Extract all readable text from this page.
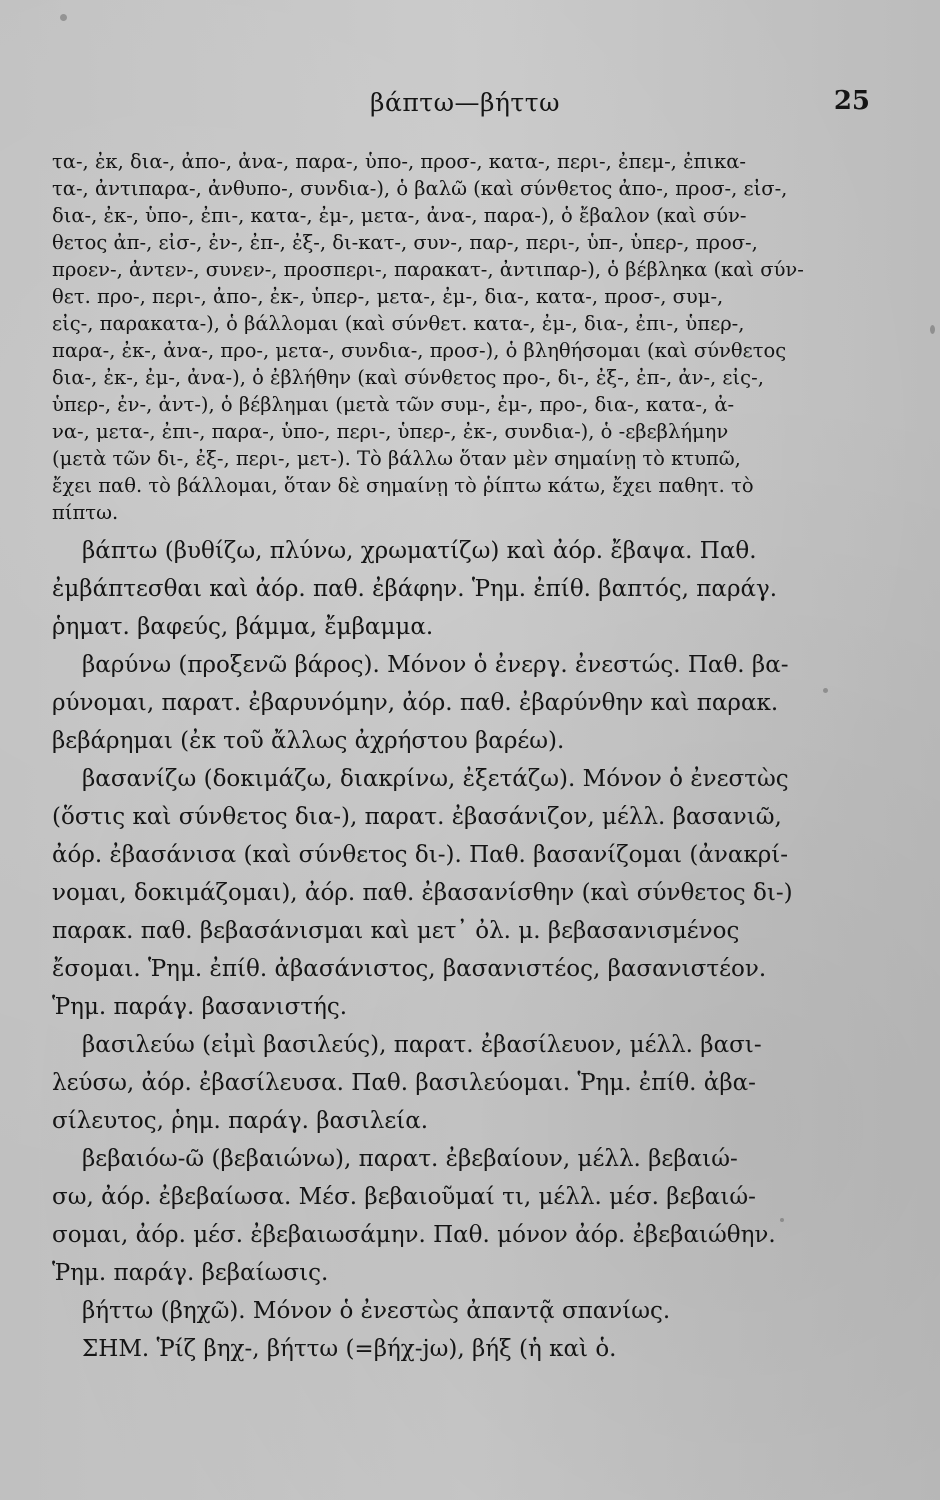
βάπτω—βήττω	25
τα-, ἐκ, δια-, ἀπο-, ἀνα-, παρα-, ὑπο-, προσ-, κατα-, περι-, ἐπεμ-, ἐπικα-
τα-, ἀντιπαρα-, ἀνθυπο-, συνδια-), ὁ βαλῶ (καὶ σύνθετος ἀπο-, προσ-, εἰσ-,
δια-, ἐκ-, ὑπο-, ἐπι-, κατα-, ἐμ-, μετα-, ἀνα-, παρα-), ὁ ἔβαλον (καὶ σύν-
θετος ἀπ-, εἰσ-, ἐν-, ἐπ-, ἐξ-, δι-κατ-, συν-, παρ-, περι-, ὑπ-, ὑπερ-, προσ-,
προεν-, ἀντεν-, συνεν-, προσπερι-, παρακατ-, ἀντιπαρ-), ὁ βέβληκα (καὶ σύν-
θετ. προ-, περι-, ἀπο-, ἐκ-, ὑπερ-, μετα-, ἐμ-, δια-, κατα-, προσ-, συμ-,
εἰς-, παρακατα-), ὁ βάλλομαι (καὶ σύνθετ. κατα-, ἐμ-, δια-, ἐπι-, ὑπερ-,
παρα-, ἐκ-, ἀνα-, προ-, μετα-, συνδια-, προσ-), ὁ βληθήσομαι (καὶ σύνθετος
δια-, ἐκ-, ἐμ-, ἀνα-), ὁ ἐβλήθην (καὶ σύνθετος προ-, δι-, ἐξ-, ἐπ-, ἀν-, εἰς-,
ὑπερ-, ἐν-, ἀντ-), ὁ βέβλημαι (μετὰ τῶν συμ-, ἐμ-, προ-, δια-, κατα-, ἀ-
να-, μετα-, ἐπι-, παρα-, ὑπο-, περι-, ὑπερ-, ἐκ-, συνδια-), ὁ -εβεβλήμην
(μετὰ τῶν δι-, ἐξ-, περι-, μετ-). Τὸ βάλλω ὅταν μὲν σημαίνῃ τὸ κτυπῶ,
ἔχει παθ. τὸ βάλλομαι, ὅταν δὲ σημαίνῃ τὸ ῥίπτω κάτω, ἔχει παθητ. τὸ
πίπτω.
βάπτω (βυθίζω, πλύνω, χρωματίζω) καὶ ἀόρ. ἔβαψα. Παθ.
ἐμβάπτεσθαι καὶ ἀόρ. παθ. ἐβάφην. Ῥημ. ἐπίθ. βαπτός, παράγ.
ῥηματ. βαφεύς, βάμμα, ἔμβαμμα.
βαρύνω (προξενῶ βάρος). Μόνον ὁ ἐνεργ. ἐνεστώς. Παθ. βα-
ρύνομαι, παρατ. ἐβαρυνόμην, ἀόρ. παθ. ἐβαρύνθην καὶ παρακ.
βεβάρημαι (ἐκ τοῦ ἄλλως ἀχρήστου βαρέω).
βασανίζω (δοκιμάζω, διακρίνω, ἐξετάζω). Μόνον ὁ ἐνεστὼς
(ὅστις καὶ σύνθετος δια-), παρατ. ἐβασάνιζον, μέλλ. βασανιῶ,
ἀόρ. ἐβασάνισα (καὶ σύνθετος δι-). Παθ. βασανίζομαι (ἀνακρί-
νομαι, δοκιμάζομαι), ἀόρ. παθ. ἐβασανίσθην (καὶ σύνθετος δι-)
παρακ. παθ. βεβασάνισμαι καὶ μετ᾽ ὀλ. μ. βεβασανισμένος
ἔσομαι. Ῥημ. ἐπίθ. ἀβασάνιστος, βασανιστέος, βασανιστέον.
Ῥημ. παράγ. βασανιστής.
βασιλεύω (εἰμὶ βασιλεύς), παρατ. ἐβασίλευον, μέλλ. βασι-
λεύσω, ἀόρ. ἐβασίλευσα. Παθ. βασιλεύομαι. Ῥημ. ἐπίθ. ἀβα-
σίλευτος, ῥημ. παράγ. βασιλεία.
βεβαιόω-ῶ (βεβαιώνω), παρατ. ἐβεβαίουν, μέλλ. βεβαιώ-
σω, ἀόρ. ἐβεβαίωσα. Μέσ. βεβαιοῦμαί τι, μέλλ. μέσ. βεβαιώ-
σομαι, ἀόρ. μέσ. ἐβεβαιωσάμην. Παθ. μόνον ἀόρ. ἐβεβαιώθην.
Ῥημ. παράγ. βεβαίωσις.
βήττω (βηχῶ). Μόνον ὁ ἐνεστὼς ἀπαντᾷ σπανίως.
ΣΗΜ. Ῥίζ βηχ-, βήττω (=βήχ-jω), βήξ (ἡ καὶ ὁ.
